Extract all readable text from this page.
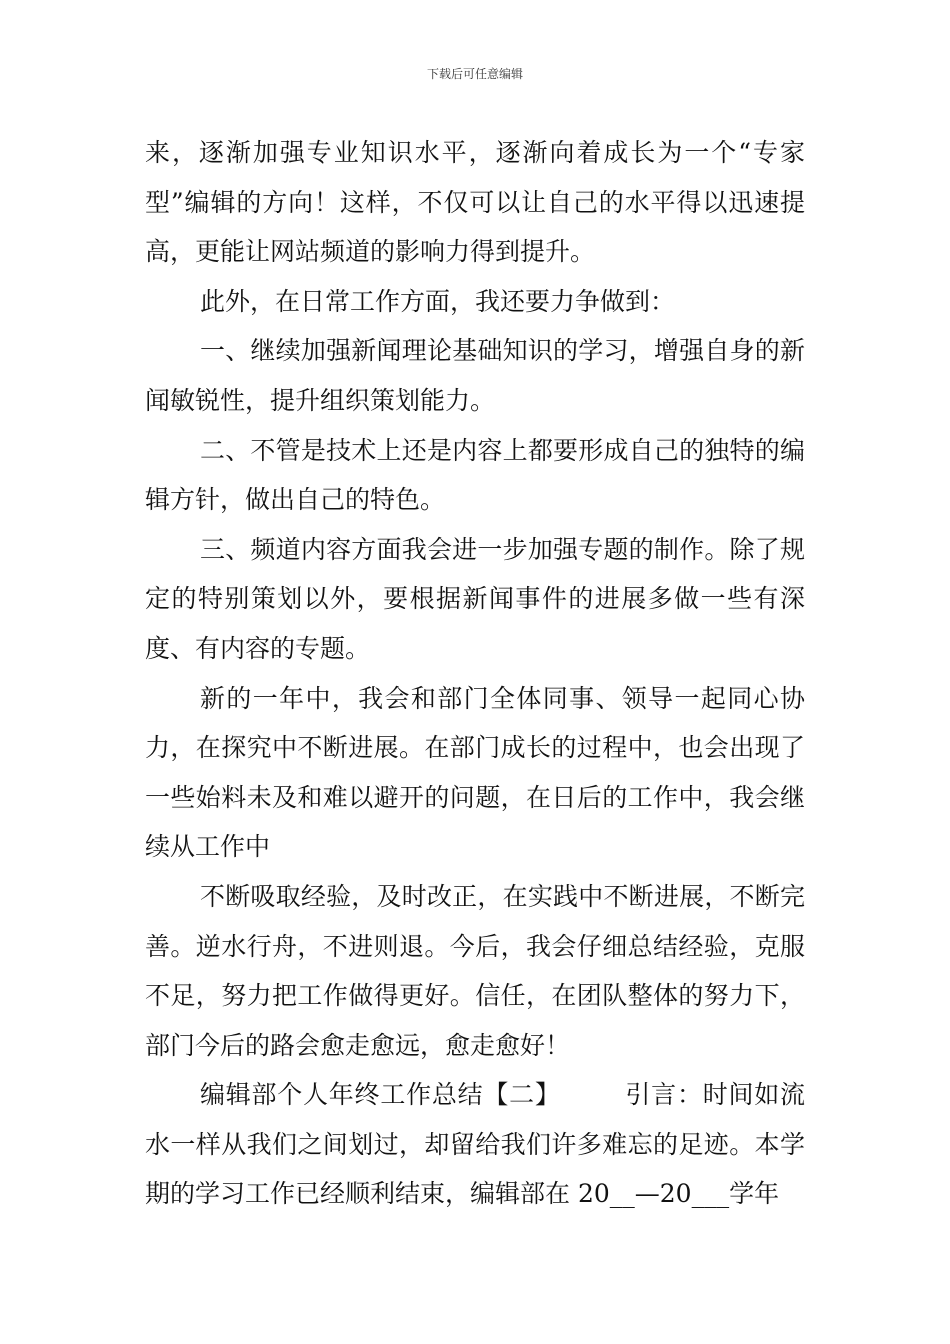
下载后可任意编辑

来，逐渐加强专业知识水平，逐渐向着成长为一个“专家型”编辑的方向！这样，不仅可以让自己的水平得以迅速提高，更能让网站频道的影响力得到提升。

此外，在日常工作方面，我还要力争做到：

一、继续加强新闻理论基础知识的学习，增强自身的新闻敏锐性，提升组织策划能力。

二、不管是技术上还是内容上都要形成自己的独特的编辑方针，做出自己的特色。

三、频道内容方面我会进一步加强专题的制作。除了规定的特别策划以外，要根据新闻事件的进展多做一些有深度、有内容的专题。

新的一年中，我会和部门全体同事、领导一起同心协力，在探究中不断进展。在部门成长的过程中，也会出现了一些始料未及和难以避开的问题，在日后的工作中，我会继续从工作中

不断吸取经验，及时改正，在实践中不断进展，不断完善。逆水行舟，不进则退。今后，我会仔细总结经验，克服不足，努力把工作做得更好。信任，在团队整体的努力下，部门今后的路会愈走愈远，愈走愈好！

编辑部个人年终工作总结【二】　　　引言：时间如流水一样从我们之间划过，却留给我们许多难忘的足迹。本学期的学习工作已经顺利结束，编辑部在 20__—20___学年
